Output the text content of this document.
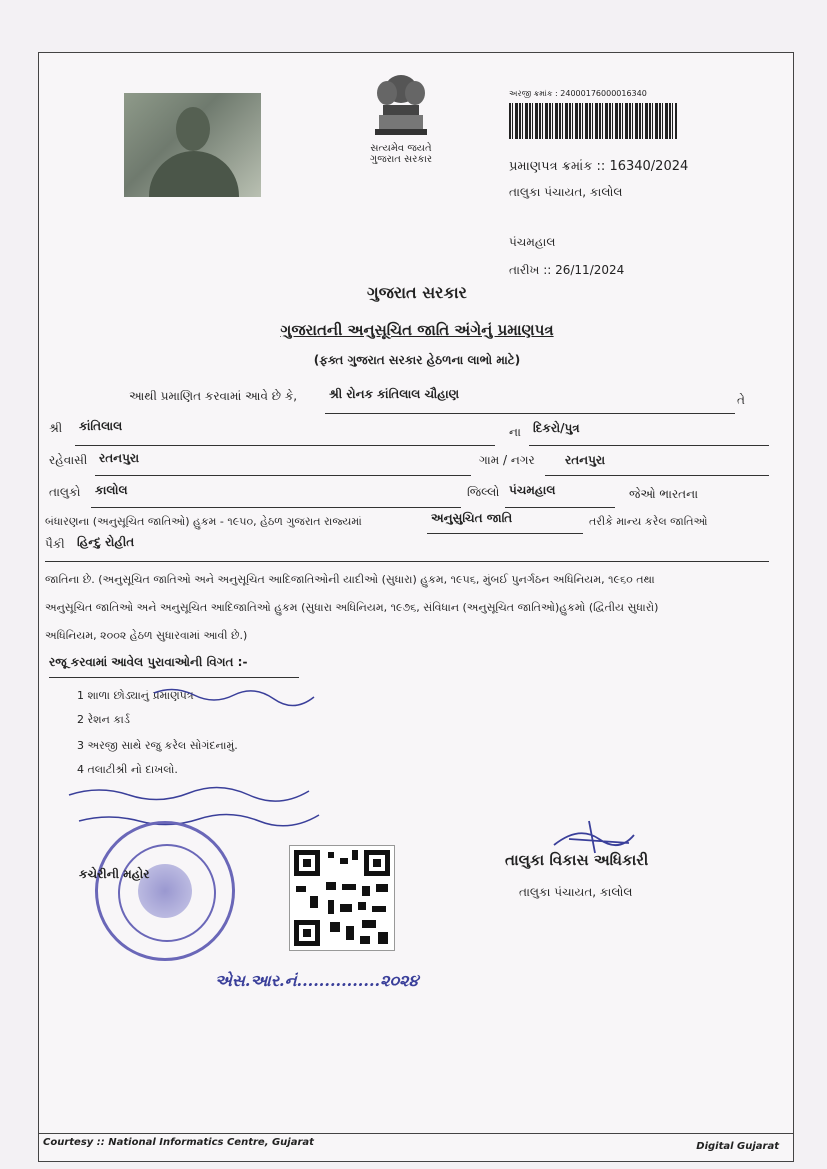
સત્યમેવ જયતે
ગુજરાત સરકાર
અરજી ક્રમાંક : 24000176000016340
પ્રમાણપત્ર ક્રમાંક :: 16340/2024
તાલુકા પંચાયત, કાલોલ
પંચમહાલ
તારીખ :: 26/11/2024
ગુજરાત સરકાર
ગુજરાતની અનુસૂચિત જાતિ અંગેનું પ્રમાણપત્ર
(ફક્ત ગુજરાત સરકાર હેઠળના લાભો માટે)
આથી પ્રમાણિત કરવામાં આવે છે કે,	શ્રી રોનક કાંતિલાલ ચૌહાણ	તે
શ્રી કાંતિલાલ	ના દિકરો/પુત્ર
રહેવાસી રતનપુરા	ગામ / નગર	રતનપુરા
તાલુકો કાલોલ	જિલ્લો પંચમહાલ	જેઓ ભારતના
બંધારણના (અનુસૂચિત જાતિઓ) હુકમ - ૧૯૫૦, હેઠળ ગુજરાત રાજ્યમાં	અનુસુચિત જાતિ	તરીકે માન્ય કરેલ જાતિઓ
પૈકી હિન્દુ રોહીત
જાતિના છે. (અનુસૂચિત જાતિઓ અને અનુસૂચિત આદિજાતિઓની યાદીઓ (સુધારા) હુકમ, ૧૯૫૬, મુંબઈ પુનર્ગઠન અધિનિયમ, ૧૯૬૦ તથા
અનુસૂચિત જાતિઓ અને અનુસૂચિત આદિજાતિઓ હુકમ (સુધારા અધિનિયમ, ૧૯૭૬, સંવિધાન (અનુસૂચિત જાતિઓ)હુકમો (દ્વિતીય સુધારો)
અધિનિયમ, ૨૦૦૨ હેઠળ સુધારવામાં આવી છે.)
રજૂ કરવામાં આવેલ પુરાવાઓની વિગત :-
1 શાળા છોડ્યાનું પ્રમાણપત્ર
2 રેશન કાર્ડ
3 અરજી સાથે રજુ કરેલ સોગંદનામું.
4 તલાટીશ્રી નો દાખલો.
કચેરીની મહોર
તાલુકા વિકાસ અધિકારી
તાલુકા પંચાયત, કાલોલ
એસ.આર.નં...............૨૦૨૪
Courtesy :: National Informatics Centre, Gujarat	Digital Gujarat
